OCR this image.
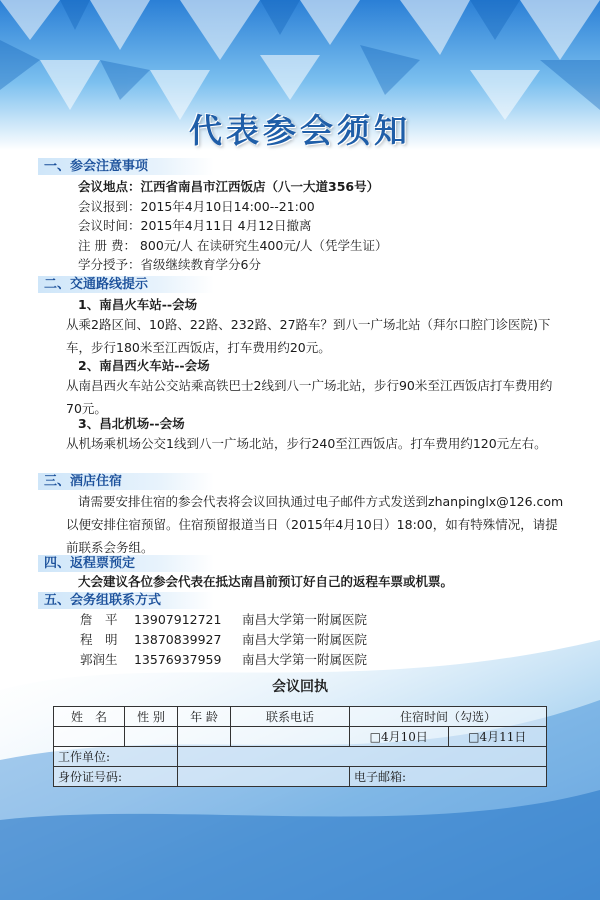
代表参会须知
一、参会注意事项
会议地点：江西省南昌市江西饭店（八一大道356号）
会议报到：2015年4月10日14:00--21:00
会议时间：2015年4月11日 4月12日撤离
注 册 费： 800元/人 在读研究生400元/人（凭学生证）
学分授予：省级继续教育学分6分
二、交通路线提示
1、南昌火车站--会场
从乘2路区间、10路、22路、232路、27路车？到八一广场北站（拜尔口腔门诊医院)下车，步行180米至江西饭店，打车费用约20元。
2、南昌西火车站--会场
从南昌西火车站公交站乘高铁巴士2线到八一广场北站，步行90米至江西饭店打车费用约70元。
3、昌北机场--会场
从机场乘机场公交1线到八一广场北站，步行240至江西饭店。打车费用约120元左右。
三、酒店住宿
请需要安排住宿的参会代表将会议回执通过电子邮件方式发送到zhanpinglx@126.com以便安排住宿预留。住宿预留报道当日（2015年4月10日）18:00，如有特殊情况，请提前联系会务组。
四、返程票预定
大会建议各位参会代表在抵达南昌前预订好自己的返程车票或机票。
五、会务组联系方式
詹　平 13907912721 南昌大学第一附属医院
程　明 13870839927 南昌大学第一附属医院
郭润生 13576937959 南昌大学第一附属医院
会议回执
姓　名	性 别	年 龄	联系电话	住宿时间（勾选）	
				□4月10日	□4月11日
工作单位:					
身份证号码:				电子邮箱:	
